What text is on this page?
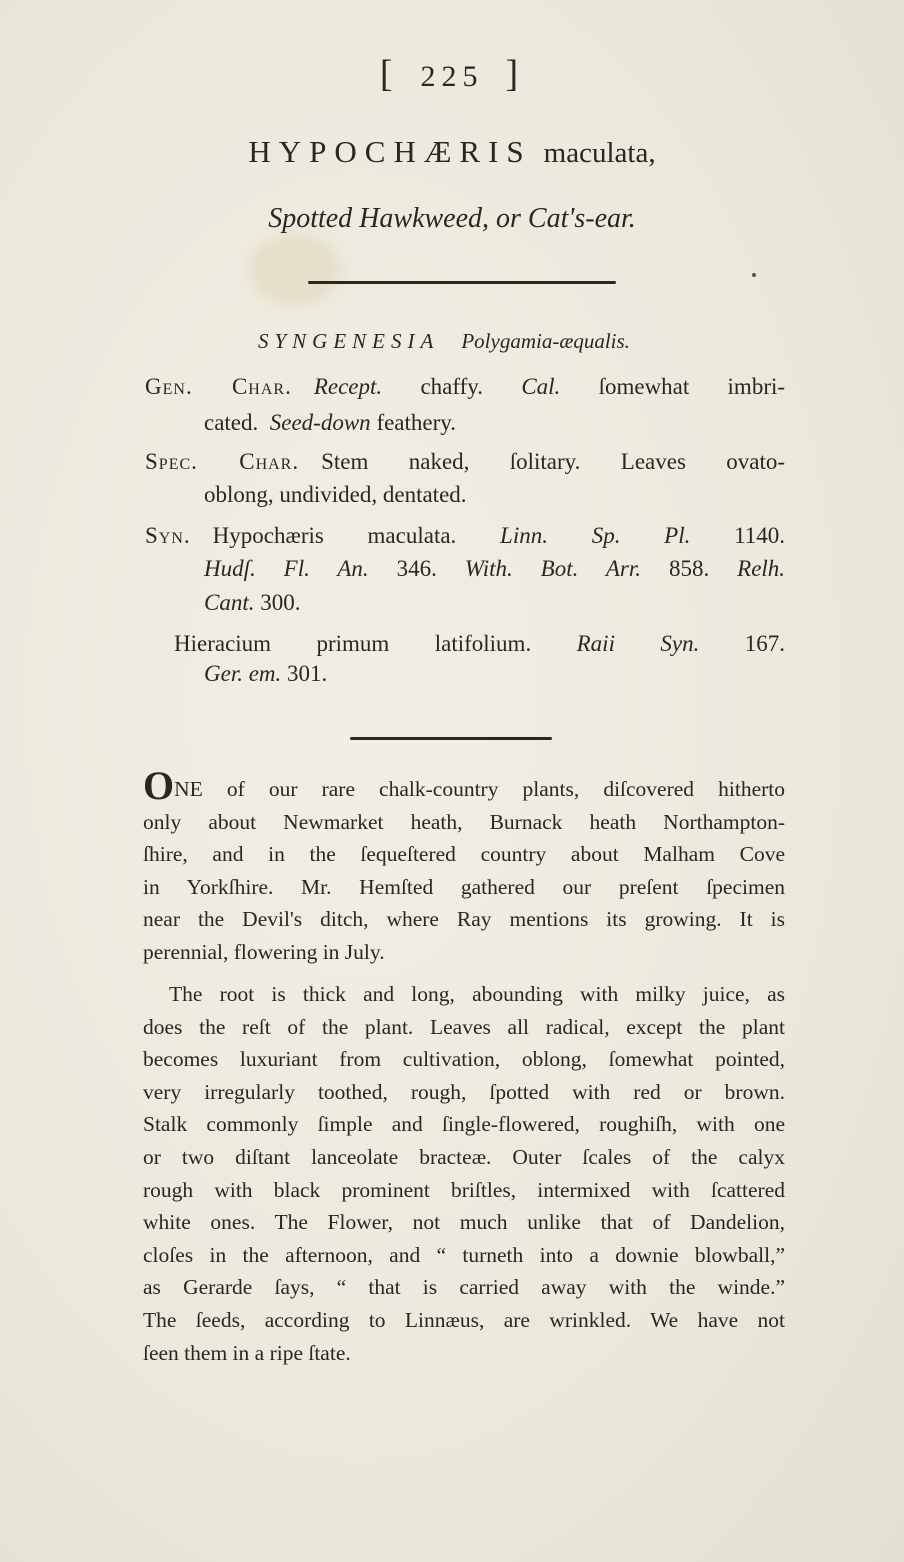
[ 225 ]
HYPOCHÆRIS maculata,
Spotted Hawkweed, or Cat's-ear.
SYNGENESIA Polygamia-æqualis.
Gen. Char. Recept. chaffy. Cal. ſomewhat imbri-
cated. Seed-down feathery.
Spec. Char. Stem naked, ſolitary. Leaves ovato-
oblong, undivided, dentated.
Syn. Hypochæris maculata. Linn. Sp. Pl. 1140.
Hudſ. Fl. An. 346. With. Bot. Arr. 858. Relh.
Cant. 300.
Hieracium primum latifolium. Raii Syn. 167.
Ger. em. 301.
ONE of our rare chalk-country plants, diſcovered hitherto
only about Newmarket heath, Burnack heath Northampton-
ſhire, and in the ſequeſtered country about Malham Cove
in Yorkſhire. Mr. Hemſted gathered our preſent ſpecimen
near the Devil's ditch, where Ray mentions its growing. It is
perennial, flowering in July.
The root is thick and long, abounding with milky juice, as
does the reſt of the plant. Leaves all radical, except the plant
becomes luxuriant from cultivation, oblong, ſomewhat pointed,
very irregularly toothed, rough, ſpotted with red or brown.
Stalk commonly ſimple and ſingle-flowered, roughiſh, with one
or two diſtant lanceolate bracteæ. Outer ſcales of the calyx
rough with black prominent briſtles, intermixed with ſcattered
white ones. The Flower, not much unlike that of Dandelion,
cloſes in the afternoon, and “ turneth into a downie blowball,”
as Gerarde ſays, “ that is carried away with the winde.”
The ſeeds, according to Linnæus, are wrinkled. We have not
ſeen them in a ripe ſtate.
